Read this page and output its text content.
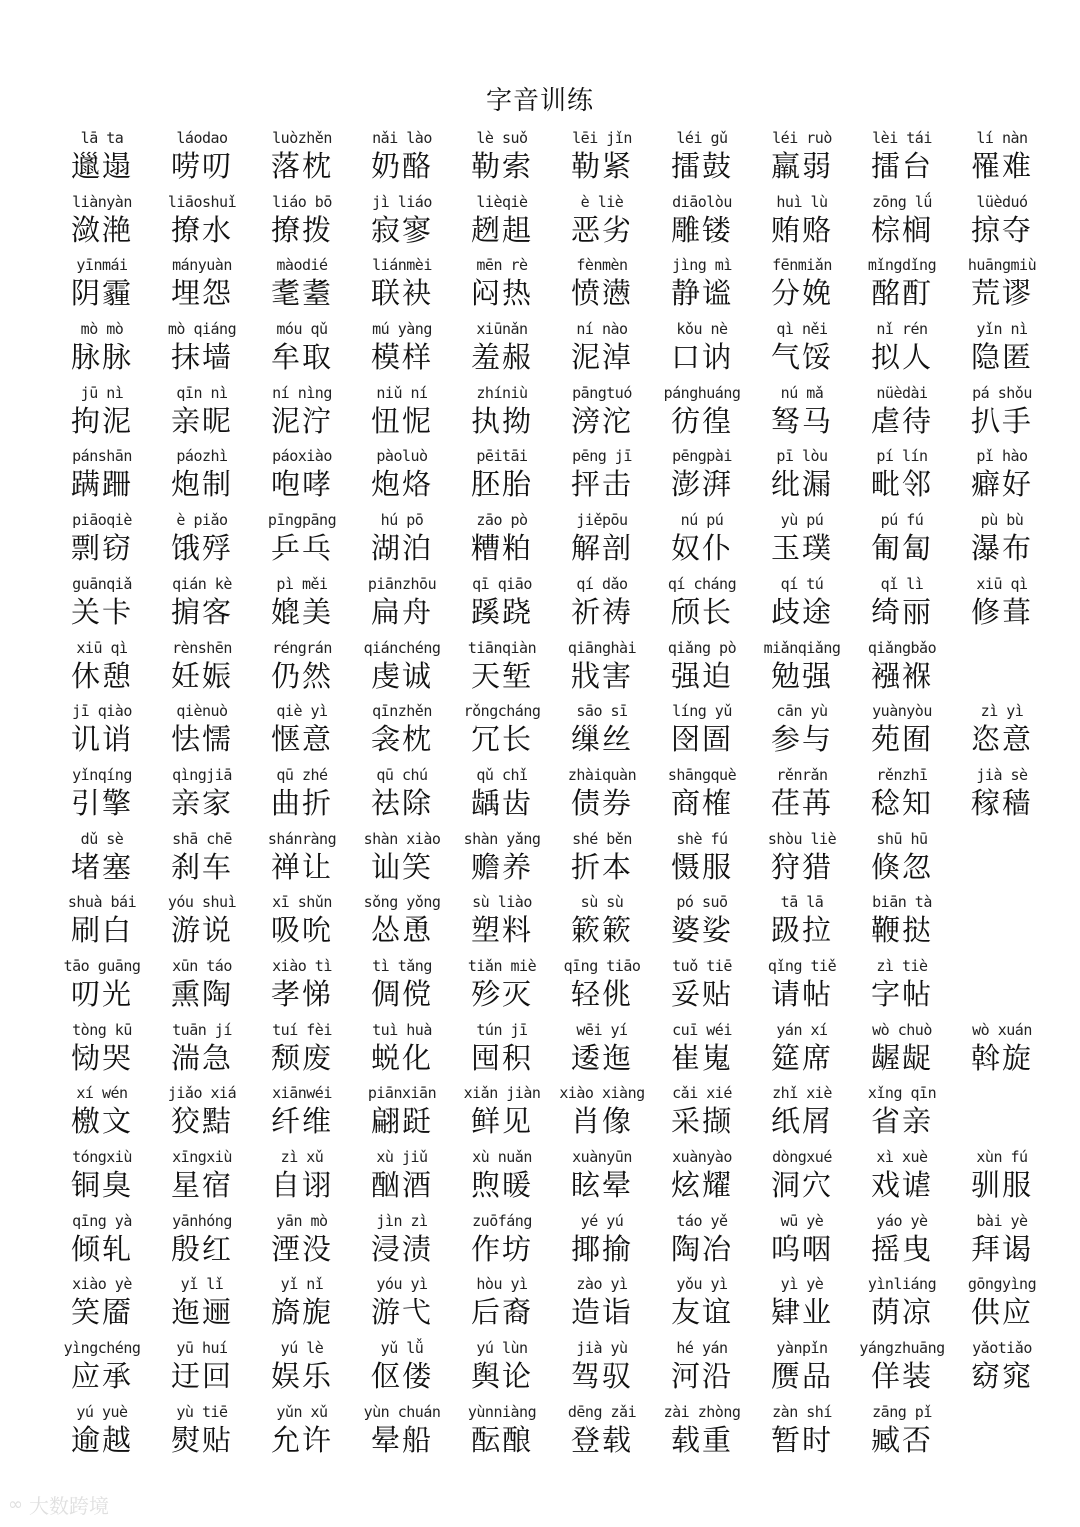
字音训练
lā ta
邋遢
láodao
唠叨
luòzhěn
落枕
nǎi lào
奶酪
lè suǒ
勒索
lēi jǐn
勒紧
léi gǔ
擂鼓
léi ruò
羸弱
lèi tái
擂台
lí nàn
罹难
liànyàn
潋滟
liāoshuǐ
撩水
liáo bō
撩拨
jì liáo
寂寥
lièqiè
趔趄
è liè
恶劣
diāolòu
雕镂
huì lù
贿赂
zōng lǘ
棕榈
lüèduó
掠夺
yīnmái
阴霾
mányuàn
埋怨
màodié
耄耋
liánmèi
联袂
mēn rè
闷热
fènmèn
愤懑
jìng mì
静谧
fēnmiǎn
分娩
mǐngdǐng
酩酊
huāngmiù
荒谬
mò mò
脉脉
mò qiáng
抹墙
móu qǔ
牟取
mú yàng
模样
xiūnǎn
羞赧
ní nào
泥淖
kǒu nè
口讷
qì něi
气馁
nǐ rén
拟人
yǐn nì
隐匿
jū nì
拘泥
qīn nì
亲昵
ní nìng
泥泞
niǔ ní
忸怩
zhíniù
执拗
pāngtuó
滂沱
pánghuáng
彷徨
nú mǎ
驽马
nüèdài
虐待
pá shǒu
扒手
pánshān
蹒跚
páozhì
炮制
páoxiào
咆哮
pàoluò
炮烙
pēitāi
胚胎
pēng jī
抨击
pēngpài
澎湃
pī lòu
纰漏
pí lín
毗邻
pǐ hào
癖好
piāoqiè
剽窃
è piǎo
饿殍
pīngpāng
乒乓
hú pō
湖泊
zāo pò
糟粕
jiěpōu
解剖
nú pú
奴仆
yù pú
玉璞
pú fú
匍匐
pù bù
瀑布
guānqiǎ
关卡
qián kè
掮客
pì měi
媲美
piānzhōu
扁舟
qī qiāo
蹊跷
qí dǎo
祈祷
qí cháng
颀长
qí tú
歧途
qǐ lì
绮丽
xiū qì
修葺
xiū qì
休憩
rènshēn
妊娠
réngrán
仍然
qiánchéng
虔诚
tiānqiàn
天堑
qiānghài
戕害
qiǎng pò
强迫
miǎnqiǎng
勉强
qiǎngbǎo
襁褓
jī qiào
讥诮
qiènuò
怯懦
qiè yì
惬意
qīnzhěn
衾枕
rǒngcháng
冗长
sāo sī
缫丝
líng yǔ
囹圄
cān yù
参与
yuànyòu
苑囿
zì yì
恣意
yǐnqíng
引擎
qìngjiā
亲家
qū zhé
曲折
qū chú
祛除
qǔ chǐ
龋齿
zhàiquàn
债券
shāngquè
商榷
rěnrǎn
荏苒
rěnzhī
稔知
jià sè
稼穑
dǔ sè
堵塞
shā chē
刹车
shánràng
禅让
shàn xiào
讪笑
shàn yǎng
赡养
shé běn
折本
shè fú
慑服
shòu liè
狩猎
shū hū
倏忽
shuà bái
刷白
yóu shuì
游说
xī shǔn
吸吮
sǒng yǒng
怂恿
sù liào
塑料
sù sù
簌簌
pó suō
婆娑
tā lā
趿拉
biān tà
鞭挞
tāo guāng
叨光
xūn táo
熏陶
xiào tì
孝悌
tì tǎng
倜傥
tiǎn miè
殄灭
qīng tiāo
轻佻
tuǒ tiē
妥贴
qǐng tiě
请帖
zì tiè
字帖
tòng kū
恸哭
tuān jí
湍急
tuí fèi
颓废
tuì huà
蜕化
tún jī
囤积
wēi yí
逶迤
cuī wéi
崔嵬
yán xí
筵席
wò chuò
龌龊
wò xuán
斡旋
xí wén
檄文
jiǎo xiá
狡黠
xiānwéi
纤维
piānxiān
翩跹
xiǎn jiàn
鲜见
xiào xiàng
肖像
cǎi xié
采撷
zhǐ xiè
纸屑
xǐng qīn
省亲
tóngxiù
铜臭
xīngxiù
星宿
zì xǔ
自诩
xù jiǔ
酗酒
xù nuǎn
煦暖
xuànyūn
眩晕
xuànyào
炫耀
dòngxué
洞穴
xì xuè
戏谑
xùn fú
驯服
qīng yà
倾轧
yānhóng
殷红
yān mò
湮没
jìn zì
浸渍
zuōfáng
作坊
yé yú
揶揄
táo yě
陶冶
wū yè
呜咽
yáo yè
摇曳
bài yè
拜谒
xiào yè
笑靥
yǐ lǐ
迤逦
yǐ nǐ
旖旎
yóu yì
游弋
hòu yì
后裔
zào yì
造诣
yǒu yì
友谊
yì yè
肄业
yìnliáng
荫凉
gōngyìng
供应
yìngchéng
应承
yū huí
迂回
yú lè
娱乐
yǔ lǚ
伛偻
yú lùn
舆论
jià yù
驾驭
hé yán
河沿
yànpǐn
赝品
yángzhuāng
佯装
yǎotiǎo
窈窕
yú yuè
逾越
yù tiē
熨贴
yǔn xǔ
允许
yùn chuán
晕船
yùnniàng
酝酿
dēng zǎi
登载
zài zhòng
载重
zàn shí
暂时
zāng pǐ
臧否
∞ 大数跨境
